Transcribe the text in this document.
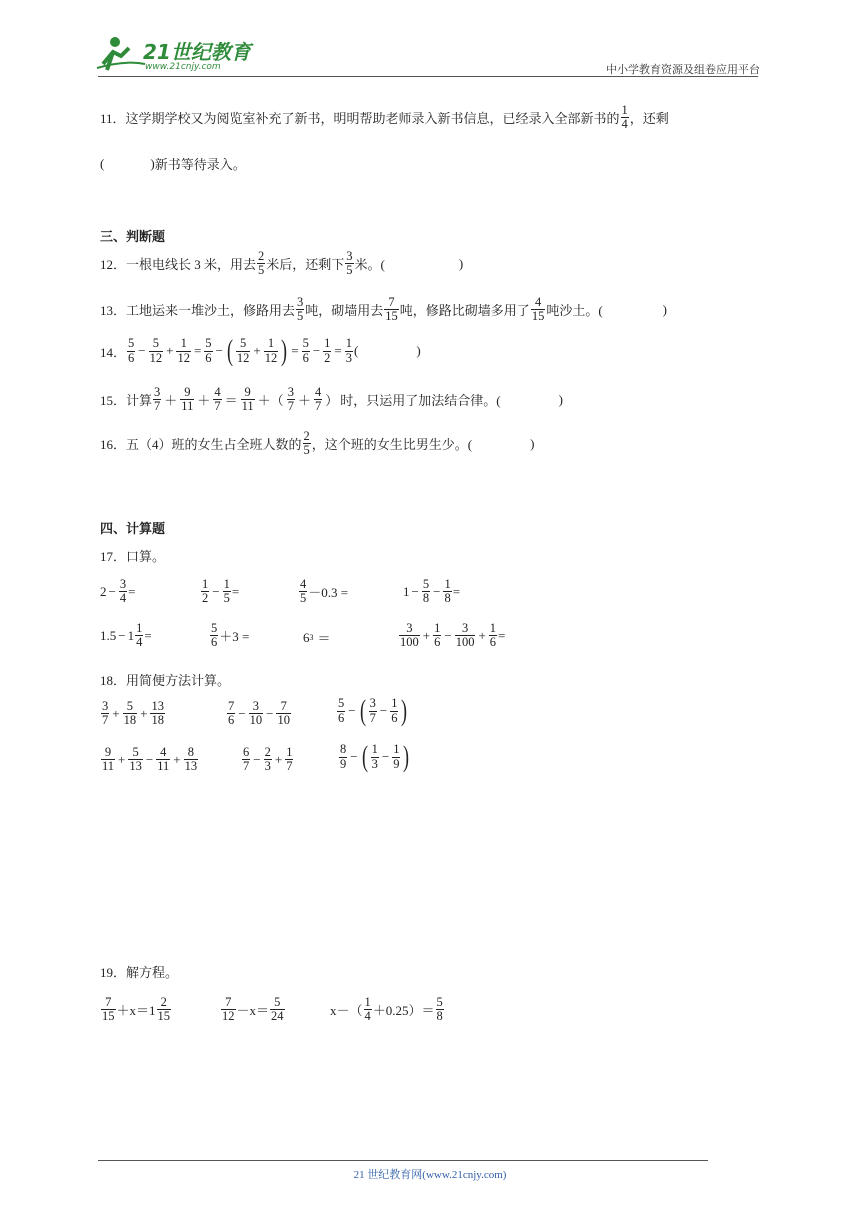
21世纪教育
www.21cnjy.com	中小学教育资源及组卷应用平台
11． 这学期学校又为阅览室补充了新书，明明帮助老师录入新书信息，已经录入全部新书的 $\frac{1}{4}$ ，还剩
(	) 新书等待录入。
三、判断题
12． 一根电线长 3 米，用去 $\frac{2}{5}$ 米后，还剩下 $\frac{3}{5}$ 米。(	)
13． 工地运来一堆沙土，修路用去 $\frac{3}{5}$ 吨，砌墙用去 $\frac{7}{15}$ 吨，修路比砌墙多用了 $\frac{4}{15}$ 吨沙土。(	)
14． $\frac{5}{6} - \frac{5}{12} + \frac{1}{12} = \frac{5}{6}$ − ( $\frac{5}{12} + \frac{1}{12}$ ) = $\frac{5}{6} - \frac{1}{2} = \frac{1}{3}$ (	)
15． 计算 $\frac{3}{7} + \frac{9}{11} + \frac{4}{7} = \frac{9}{11}$ ＋（ $\frac{3}{7} + \frac{4}{7}$ ） 时，只运用了加法结合律。(	)
16． 五（4）班的女生占全班人数的 $\frac{2}{5}$ ，这个班的女生比男生少。(	)
四、计算题
17． 口算。
$2 - \frac{3}{4}$ =	$\frac{1}{2} - \frac{1}{5}$ =	$\frac{4}{5} -0.3$ =	$1 - \frac{5}{8} - \frac{1}{8}$ =
$1.5 - 1 \frac{1}{4}$ =	$\frac{5}{6} +3$ =	6 3 ＝	$\frac{3}{100} + \frac{1}{6} - \frac{3}{100} + \frac{1}{6}$ =
18． 用简便方法计算。
$\frac{3}{7} + \frac{5}{18} + \frac{13}{18}$	$\frac{7}{6} - \frac{3}{10} - \frac{7}{10}$	$\frac{5}{6}$ − ( $\frac{3}{7} - \frac{1}{6}$ )
$\frac{9}{11} + \frac{5}{13} - \frac{4}{11} + \frac{8}{13}$	$\frac{6}{7} - \frac{2}{3} + \frac{1}{7}$	$\frac{8}{9}$ − ( $\frac{1}{3} - \frac{1}{9}$ )
19． 解方程。
$\frac{7}{15} +x=1 \frac{2}{15}$	$\frac{7}{12} -x= \frac{5}{24}$	$x-( \frac{1}{4} +0.25)= \frac{5}{8}$
21 世纪教育网(www.21cnjy.com)
